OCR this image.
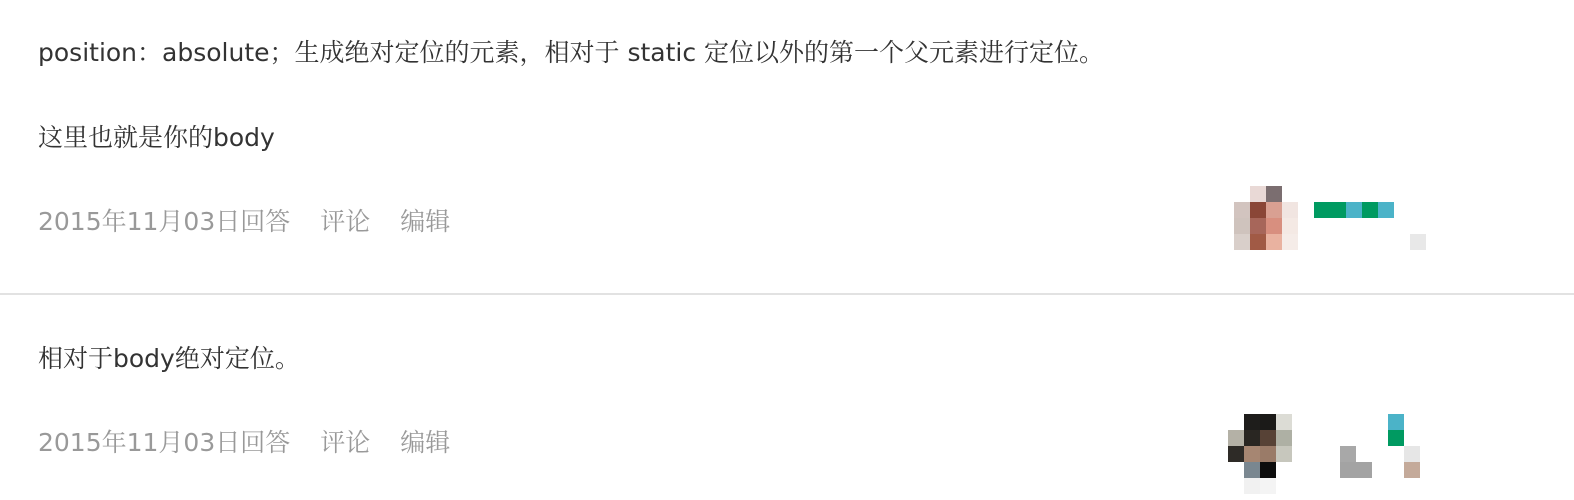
position：absolute；生成绝对定位的元素，相对于 static 定位以外的第一个父元素进行定位。

这里也就是你的body

2015年11月03日回答 评论 编辑

相对于body绝对定位。

2015年11月03日回答 评论 编辑
